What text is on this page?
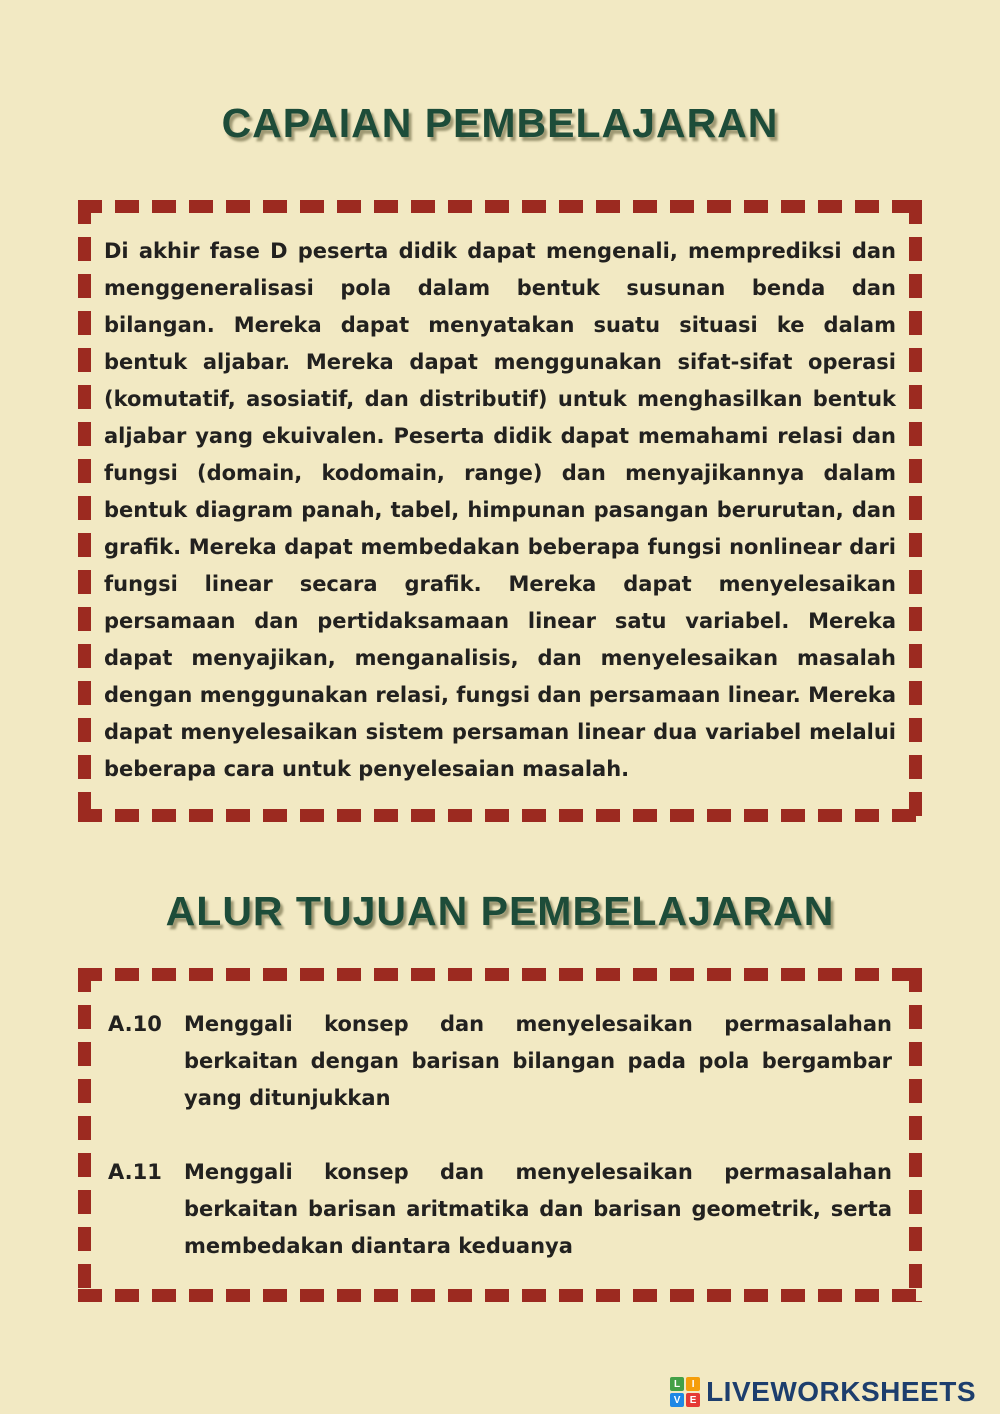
CAPAIAN PEMBELAJARAN

Di akhir fase D peserta didik dapat mengenali, memprediksi dan menggeneralisasi pola dalam bentuk susunan benda dan bilangan. Mereka dapat menyatakan suatu situasi ke dalam bentuk aljabar. Mereka dapat menggunakan sifat-sifat operasi (komutatif, asosiatif, dan distributif) untuk menghasilkan bentuk aljabar yang ekuivalen. Peserta didik dapat memahami relasi dan fungsi (domain, kodomain, range) dan menyajikannya dalam bentuk diagram panah, tabel, himpunan pasangan berurutan, dan grafik. Mereka dapat membedakan beberapa fungsi nonlinear dari fungsi linear secara grafik. Mereka dapat menyelesaikan persamaan dan pertidaksamaan linear satu variabel. Mereka dapat menyajikan, menganalisis, dan menyelesaikan masalah dengan menggunakan relasi, fungsi dan persamaan linear. Mereka dapat menyelesaikan sistem persaman linear dua variabel melalui beberapa cara untuk penyelesaian masalah.

ALUR TUJUAN PEMBELAJARAN
A.10	Menggali konsep dan menyelesaikan permasalahan berkaitan dengan barisan bilangan pada pola bergambar yang ditunjukkan

A.11	Menggali konsep dan menyelesaikan permasalahan berkaitan barisan aritmatika dan barisan geometrik, serta membedakan diantara keduanya

L	I
V E LIVEWORKSHEETS
